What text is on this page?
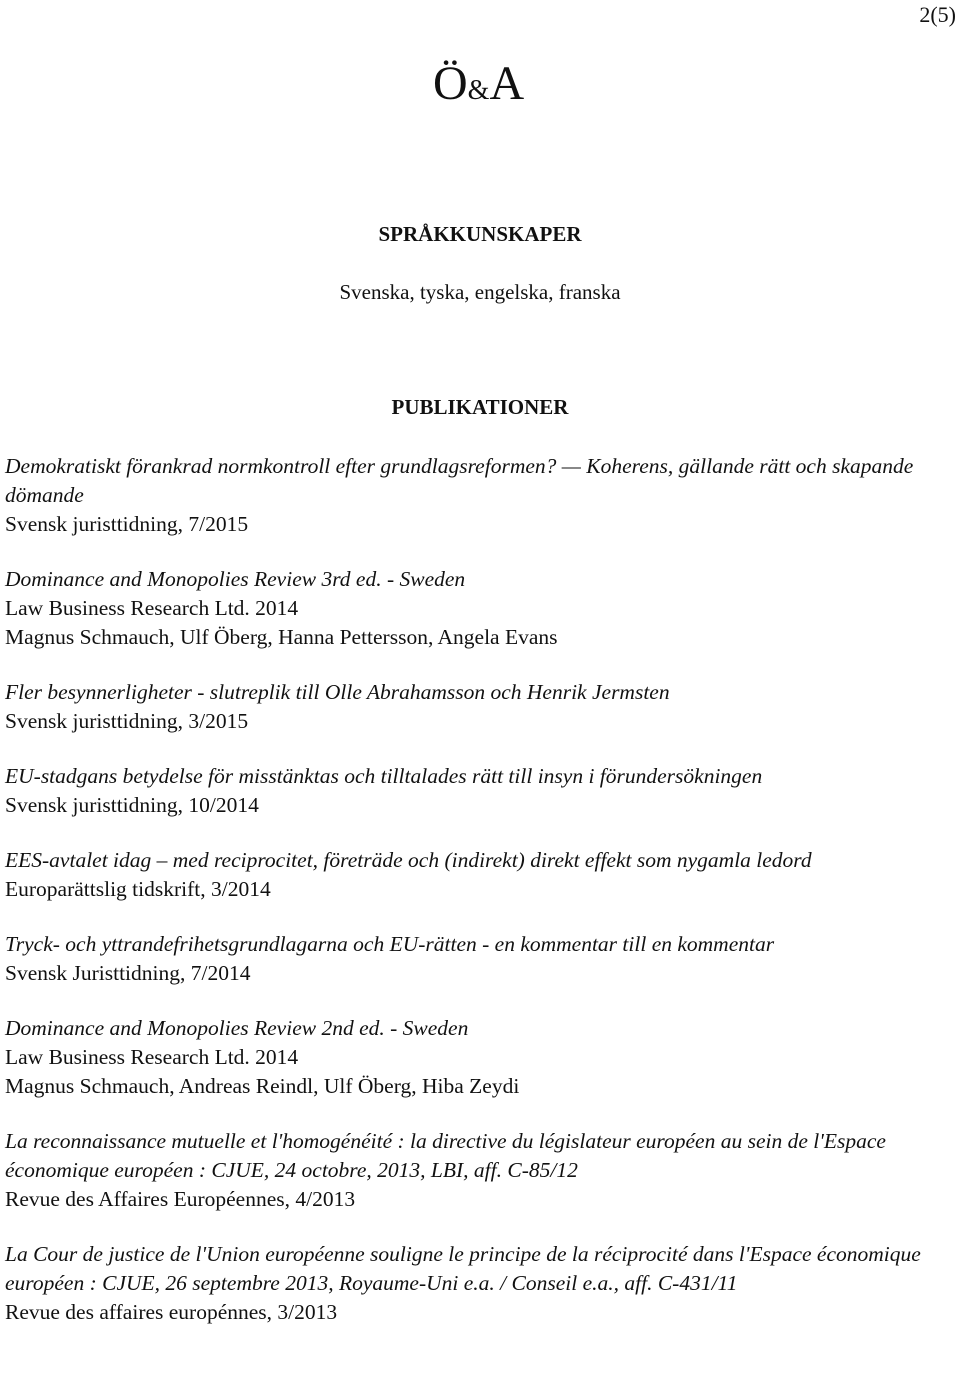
2(5)
Ö&A
SPRÅKKUNSKAPER
Svenska, tyska, engelska, franska
PUBLIKATIONER
Demokratiskt förankrad normkontroll efter grundlagsreformen? — Koherens, gällande rätt och skapande dömande
Svensk juristtidning, 7/2015
Dominance and Monopolies Review 3rd ed. - Sweden
Law Business Research Ltd. 2014
Magnus Schmauch, Ulf Öberg, Hanna Pettersson, Angela Evans
Fler besynnerligheter - slutreplik till Olle Abrahamsson och Henrik Jermsten
Svensk juristtidning, 3/2015
EU-stadgans betydelse för misstänktas och tilltalades rätt till insyn i förundersökningen
Svensk juristtidning, 10/2014
EES-avtalet idag – med reciprocitet, företräde och (indirekt) direkt effekt som nygamla ledord
Europarättslig tidskrift, 3/2014
Tryck- och yttrandefrihetsgrundlagarna och EU-rätten - en kommentar till en kommentar
Svensk Juristtidning, 7/2014
Dominance and Monopolies Review 2nd ed. - Sweden
Law Business Research Ltd. 2014
Magnus Schmauch, Andreas Reindl, Ulf Öberg, Hiba Zeydi
La reconnaissance mutuelle et l'homogénéité : la directive du législateur européen au sein de l'Espace économique européen : CJUE, 24 octobre, 2013, LBI, aff. C-85/12
Revue des Affaires Européennes, 4/2013
La Cour de justice de l'Union européenne souligne le principe de la réciprocité dans l'Espace économique européen : CJUE, 26 septembre 2013, Royaume-Uni e.a. / Conseil e.a., aff. C-431/11
Revue des affaires europénnes, 3/2013
